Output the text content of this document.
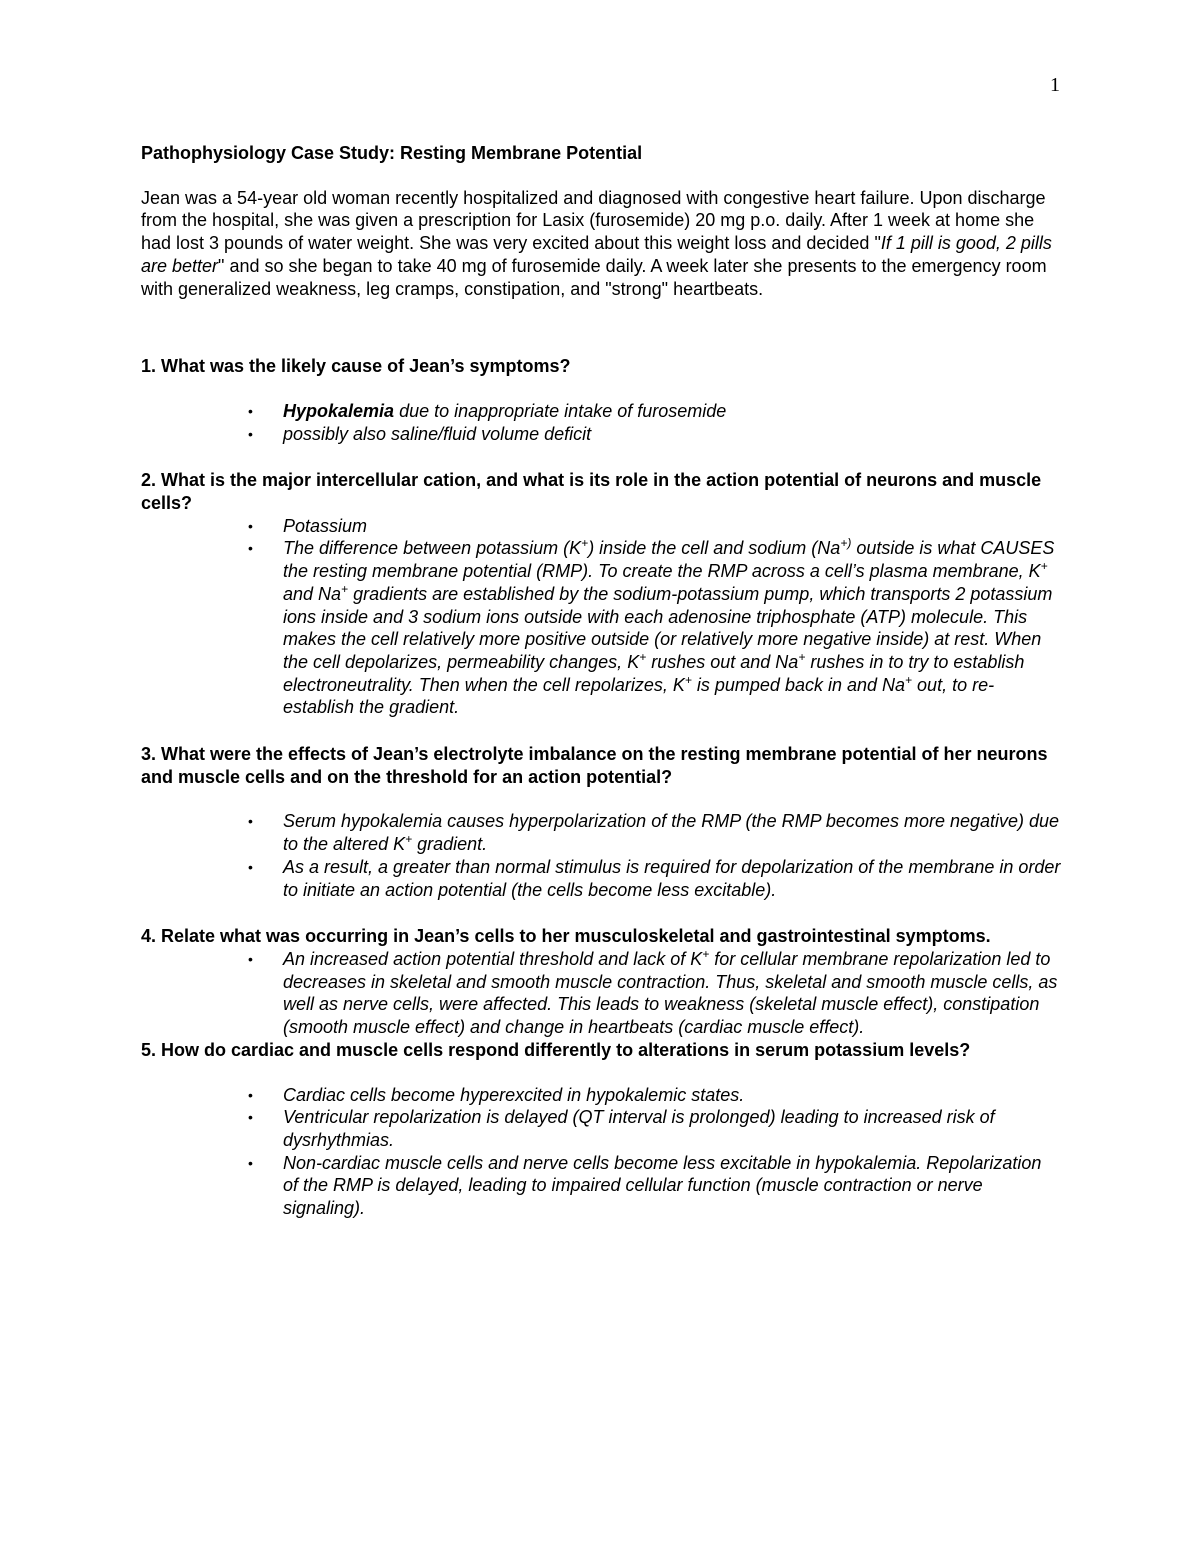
1

Pathophysiology Case Study: Resting Membrane Potential

Jean was a 54-year old woman recently hospitalized and diagnosed with congestive heart failure. Upon discharge from the hospital, she was given a prescription for Lasix (furosemide) 20 mg p.o. daily. After 1 week at home she had lost 3 pounds of water weight. She was very excited about this weight loss and decided "If 1 pill is good, 2 pills are better" and so she began to take 40 mg of furosemide daily. A week later she presents to the emergency room with generalized weakness, leg cramps, constipation, and "strong" heartbeats.

1. What was the likely cause of Jean’s symptoms?

• Hypokalemia due to inappropriate intake of furosemide
• possibly also saline/fluid volume deficit

2. What is the major intercellular cation, and what is its role in the action potential of neurons and muscle cells?

• Potassium
• The difference between potassium (K+) inside the cell and sodium (Na+) outside is what CAUSES the resting membrane potential (RMP). To create the RMP across a cell’s plasma membrane, K+ and Na+ gradients are established by the sodium-potassium pump, which transports 2 potassium ions inside and 3 sodium ions outside with each adenosine triphosphate (ATP) molecule. This makes the cell relatively more positive outside (or relatively more negative inside) at rest. When the cell depolarizes, permeability changes, K+ rushes out and Na+ rushes in to try to establish electroneutrality. Then when the cell repolarizes, K+ is pumped back in and Na+ out, to re-establish the gradient.

3. What were the effects of Jean’s electrolyte imbalance on the resting membrane potential of her neurons and muscle cells and on the threshold for an action potential?

• Serum hypokalemia causes hyperpolarization of the RMP (the RMP becomes more negative) due to the altered K+ gradient.
• As a result, a greater than normal stimulus is required for depolarization of the membrane in order to initiate an action potential (the cells become less excitable).

4. Relate what was occurring in Jean’s cells to her musculoskeletal and gastrointestinal symptoms.

• An increased action potential threshold and lack of K+ for cellular membrane repolarization led to decreases in skeletal and smooth muscle contraction. Thus, skeletal and smooth muscle cells, as well as nerve cells, were affected. This leads to weakness (skeletal muscle effect), constipation (smooth muscle effect) and change in heartbeats (cardiac muscle effect).

5. How do cardiac and muscle cells respond differently to alterations in serum potassium levels?

• Cardiac cells become hyperexcited in hypokalemic states.
• Ventricular repolarization is delayed (QT interval is prolonged) leading to increased risk of dysrhythmias.
• Non-cardiac muscle cells and nerve cells become less excitable in hypokalemia. Repolarization of the RMP is delayed, leading to impaired cellular function (muscle contraction or nerve signaling).
